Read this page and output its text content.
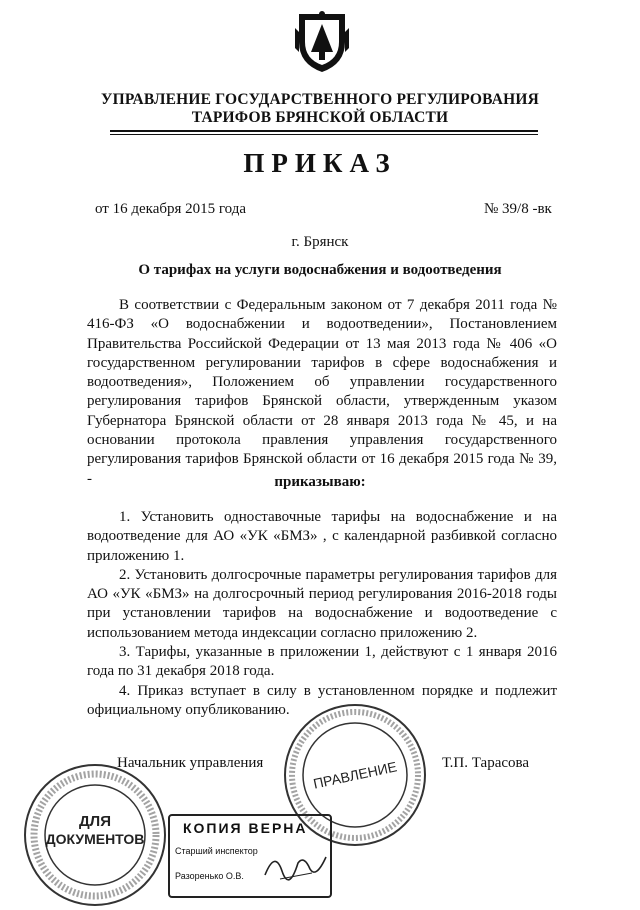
УПРАВЛЕНИЕ ГОСУДАРСТВЕННОГО РЕГУЛИРОВАНИЯ
ТАРИФОВ БРЯНСКОЙ ОБЛАСТИ
ПРИКАЗ
от 16 декабря 2015 года	№ 39/8 -вк
г. Брянск
О тарифах на услуги водоснабжения и водоотведения
В соответствии с Федеральным законом от 7 декабря 2011 года № 416-ФЗ «О водоснабжении и водоотведении», Постановлением Правительства Российской Федерации от 13 мая 2013 года № 406 «О государственном регулировании тарифов в сфере водоснабжения и водоотведения», Положением об управлении государственного регулирования тарифов Брянской области, утвержденным указом Губернатора Брянской области от 28 января 2013 года № 45, и на основании протокола правления управления государственного регулирования тарифов Брянской области от 16 декабря 2015 года № 39, -	приказываю:
1. Установить одноставочные тарифы на водоснабжение и на водоотведение для АО «УК «БМЗ» , с календарной разбивкой согласно приложению 1.
2. Установить долгосрочные параметры регулирования тарифов для АО «УК «БМЗ» на долгосрочный период регулирования 2016-2018 годы при установлении тарифов на водоснабжение и водоотведение с использованием метода индексации согласно приложению 2.
3. Тарифы, указанные в приложении 1, действуют с 1 января 2016 года по 31 декабря 2018 года.
4. Приказ вступает в силу в установленном порядке и подлежит официальному опубликованию.
Начальник управления	Т.П. Тарасова
ПРАВЛЕНИЕ
ДЛЯ
ДОКУМЕНТОВ
КОПИЯ ВЕРНА
Старший инспектор
Разоренько О.В.
